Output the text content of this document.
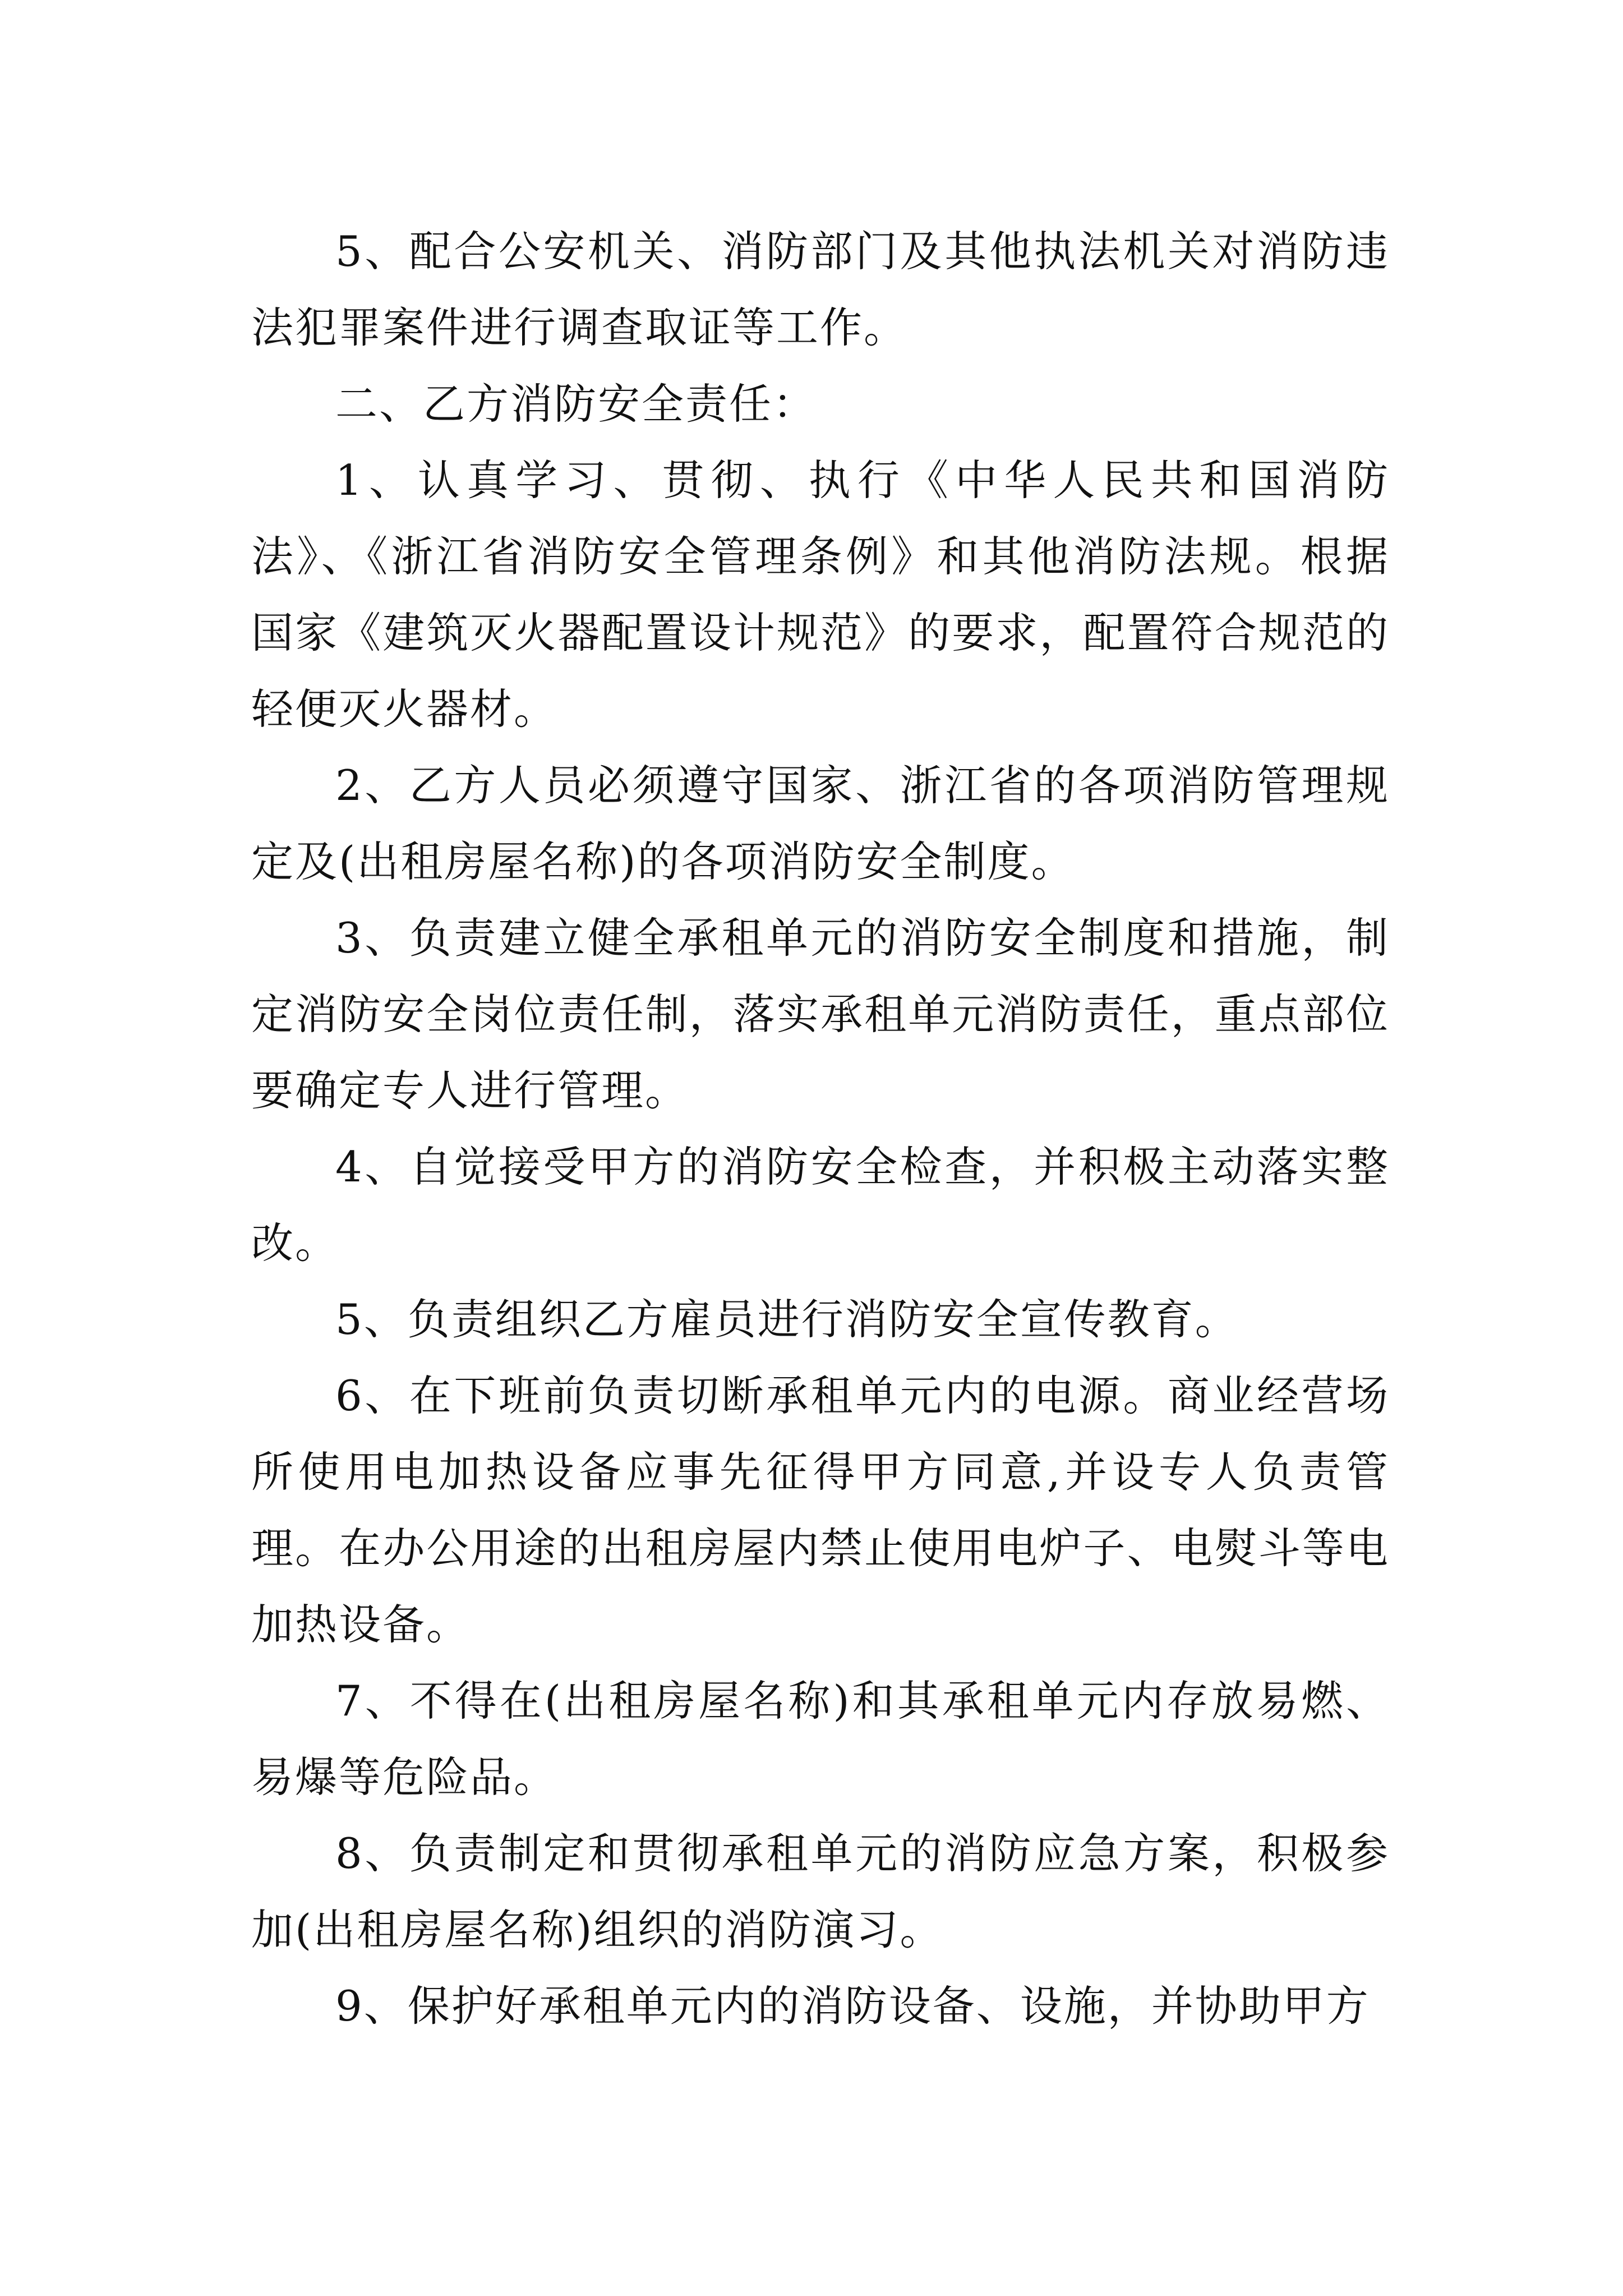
5、配合公安机关、消防部门及其他执法机关对消防违法犯罪案件进行调查取证等工作。

二、乙方消防安全责任：

1、认真学习、贯彻、执行《中华人民共和国消防法》、《浙江省消防安全管理条例》和其他消防法规。根据国家《建筑灭火器配置设计规范》的要求，配置符合规范的轻便灭火器材。

2、乙方人员必须遵守国家、浙江省的各项消防管理规定及(出租房屋名称)的各项消防安全制度。

3、负责建立健全承租单元的消防安全制度和措施，制定消防安全岗位责任制，落实承租单元消防责任，重点部位要确定专人进行管理。

4、自觉接受甲方的消防安全检查，并积极主动落实整改。

5、负责组织乙方雇员进行消防安全宣传教育。

6、在下班前负责切断承租单元内的电源。商业经营场所使用电加热设备应事先征得甲方同意,并设专人负责管理。在办公用途的出租房屋内禁止使用电炉子、电熨斗等电加热设备。

7、不得在(出租房屋名称)和其承租单元内存放易燃、易爆等危险品。

8、负责制定和贯彻承租单元的消防应急方案，积极参加(出租房屋名称)组织的消防演习。

9、保护好承租单元内的消防设备、设施，并协助甲方
